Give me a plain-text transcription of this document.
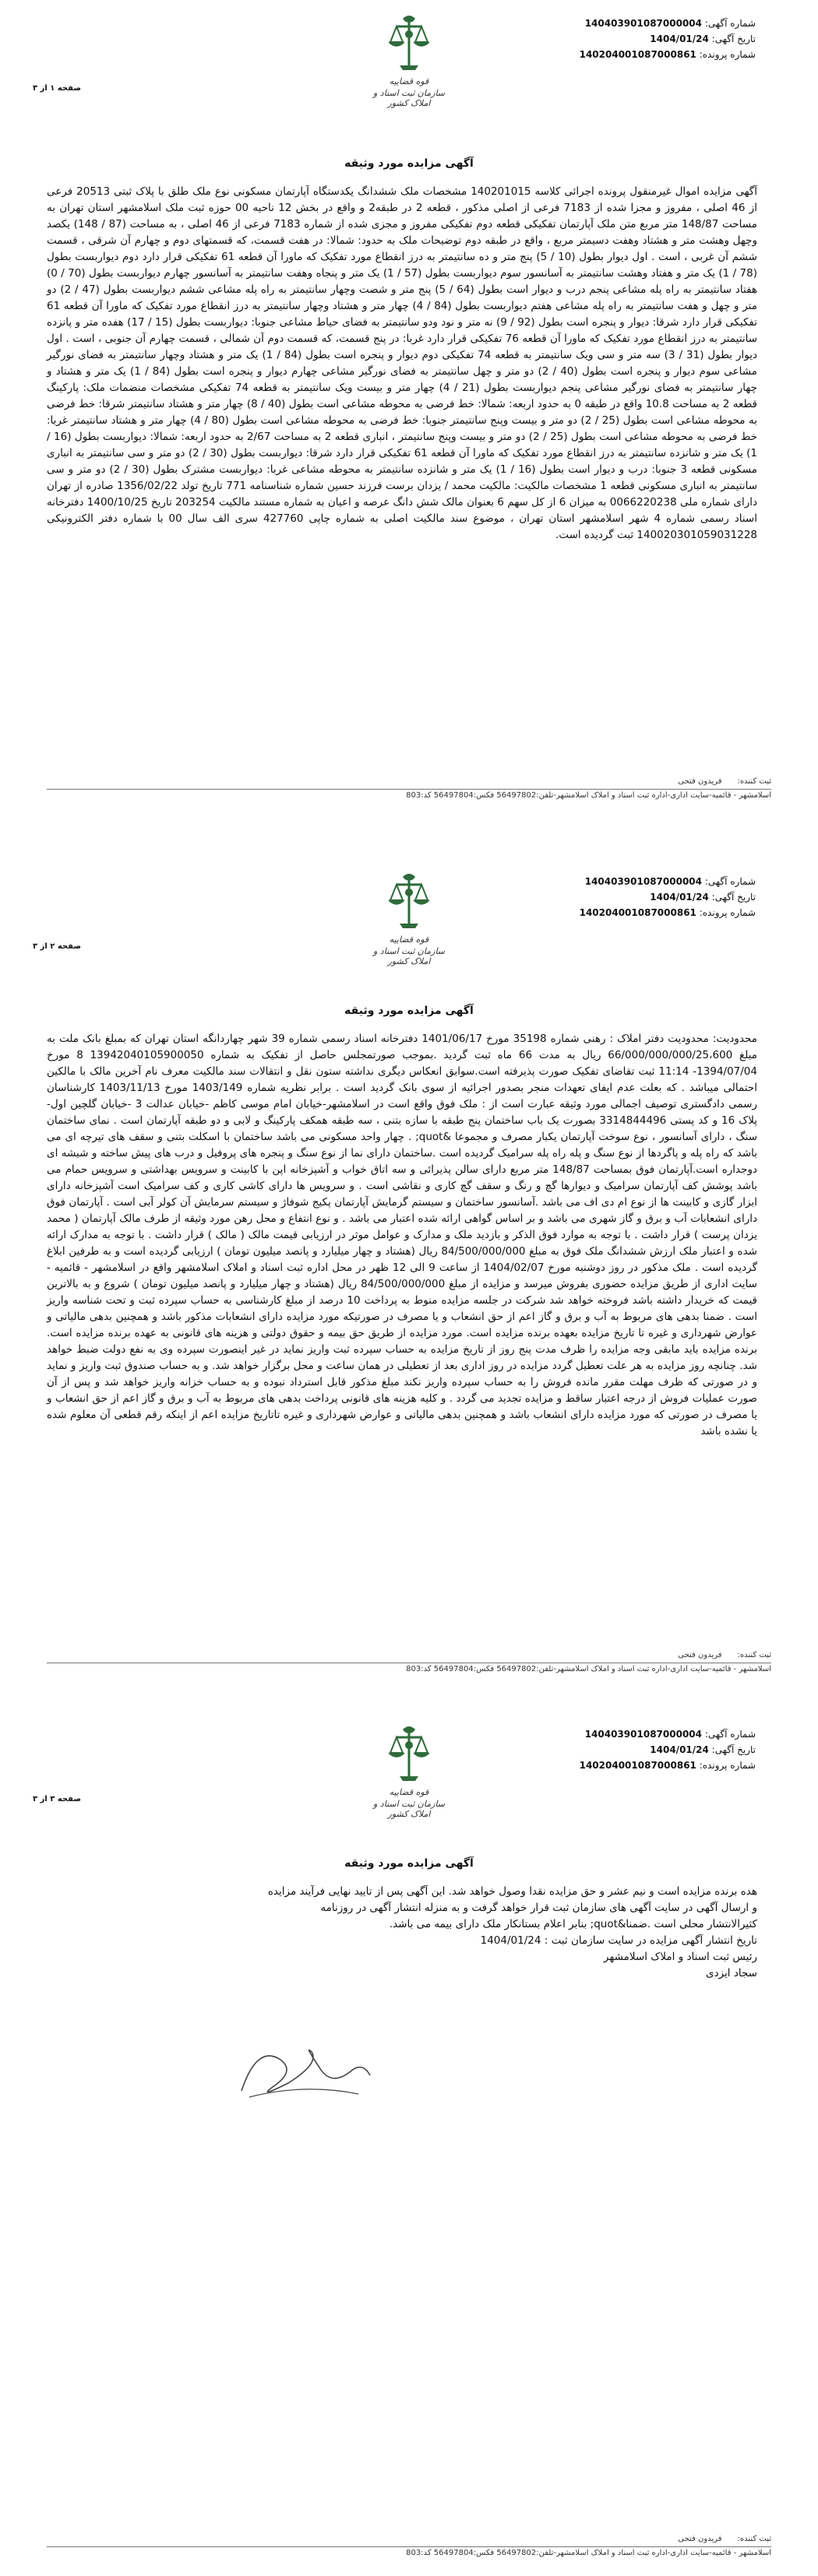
قوه قضاییه
سازمان ثبت اسناد و املاک کشور
شماره آگهی: 140403901087000004
تاریخ آگهی: 1404/01/24
شماره پرونده: 140204001087000861
صفحه ۱ از ۳
آگهی مزایده مورد وثیقه
آگهی مزایده اموال غیرمنقول پرونده اجرائی کلاسه 140201015 مشخصات ملک ششدانگ یکدستگاه آپارتمان مسکونی نوع ملک طلق با پلاک ثبتی 20513 فرعی از 46 اصلی ، مفروز و مجزا شده از 7183 فرعی از اصلی مذکور ، قطعه 2 در طبقه2 و واقع در بخش 12 ناحیه 00 حوزه ثبت ملک اسلامشهر استان تهران به مساحت 148/87 متر مربع متن ملک آپارتمان تفکیکی قطعه دوم تفکیکی مفروز و مجزی شده از شماره 7183 فرعی از 46 اصلی ، به مساحت (87 / 148) یکصد وچهل وهشت متر و هشتاد وهفت دسیمتر مربع ، واقع در طبقه دوم توضیحات ملک به حدود: شمالا: در هفت قسمت، که قسمتهای دوم و چهارم آن شرقی ، قسمت ششم آن غربی ، است . اول دیوار بطول (10 / 5) پنج متر و ده سانتیمتر به درز انقطاع مورد تفکیک که ماورا آن قطعه 61 تفکیکی قرار دارد دوم دیواربست بطول (78 / 1) یک متر و هفتاد وهشت سانتیمتر به آسانسور سوم دیواربست بطول (57 / 1) یک متر و پنجاه وهفت سانتیمتر به آسانسور چهارم دیواربست بطول (70 / 0) هفتاد سانتیمتر به راه پله مشاعی پنجم درب و دیوار است بطول (64 / 5) پنج متر و شصت وچهار سانتیمتر به راه پله مشاعی ششم دیواربست بطول (47 / 2) دو متر و چهل و هفت سانتیمتر به راه پله مشاعی هفتم دیواربست بطول (84 / 4) چهار متر و هشتاد وچهار سانتیمتر به درز انقطاع مورد تفکیک که ماورا آن قطعه 61 تفکیکی قرار دارد شرقا: دیوار و پنجره است بطول (92 / 9) نه متر و نود ودو سانتیمتر به فضای حیاط مشاعی جنوبا: دیواربست بطول (15 / 17) هفده متر و پانزده سانتیمتر به درز انقطاع مورد تفکیک که ماورا آن قطعه 76 تفکیکی قرار دارد غربا: در پنج قسمت، که قسمت دوم آن شمالی ، قسمت چهارم آن جنوبی ، است . اول دیوار بطول (31 / 3) سه متر و سی ویک سانتیمتر به قطعه 74 تفکیکی دوم دیوار و پنجره است بطول (84 / 1) یک متر و هشتاد وچهار سانتیمتر به فضای نورگیر مشاعی سوم دیوار و پنجره است بطول (40 / 2) دو متر و چهل سانتیمتر به فضای نورگیر مشاعی چهارم دیوار و پنجره است بطول (84 / 1) یک متر و هشتاد و چهار سانتیمتر به فضای نورگیر مشاعی پنجم دیواربست بطول (21 / 4) چهار متر و بیست ویک سانتیمتر به قطعه 74 تفکیکی مشخصات منضمات ملک: پارکینگ قطعه 2 به مساحت 10.8 واقع در طبقه 0 به حدود اربعه: شمالا: خط فرضی به محوطه مشاعی است بطول (40 / 8) چهار متر و هشتاد سانتیمتر شرقا: خط فرضی به محوطه مشاعی است بطول (25 / 2) دو متر و بیست وپنج سانتیمتر جنوبا: خط فرضی به محوطه مشاعی است بطول (80 / 4) چهار متر و هشتاد سانتیمتر غربا: خط فرضی به محوطه مشاعی است بطول (25 / 2) دو متر و بیست وپنج سانتیمتر ، انباری قطعه 2 به مساحت 2/67 به حدود اربعه: شمالا: دیواربست بطول (16 / 1) یک متر و شانزده سانتیمتر به درز انقطاع مورد تفکیک که ماورا آن قطعه 61 تفکیکی قرار دارد شرقا: دیواربست بطول (30 / 2) دو متر و سی سانتیمتر به انباری مسکونی قطعه 3 جنوبا: درب و دیوار است بطول (16 / 1) یک متر و شانزده سانتیمتر به محوطه مشاعی غربا: دیواربست مشترک بطول (30 / 2) دو متر و سی سانتیمتر به انباری مسکونی قطعه 1 مشخصات مالکیت: مالکیت محمد / یزدان برست فرزند حسین شماره شناسنامه 771 تاریخ تولد 1356/02/22 صادره از تهران دارای شماره ملی 0066220238 به میزان 6 از کل سهم 6 بعنوان مالک شش دانگ عرصه و اعیان به شماره مستند مالکیت 203254 تاریخ 1400/10/25 دفترخانه اسناد رسمی شماره 4 شهر اسلامشهر استان تهران ، موضوع سند مالکیت اصلی به شماره چاپی 427760 سری الف سال 00 با شماره دفتر الکترونیکی 140020301059031228 ثبت گردیده است.
ثبت کننده:فریدون فتحی
اسلامشهر - قائمیه-سایت اداری-اداره ثبت اسناد و املاک اسلامشهر-تلفن:56497802 فکس:56497804 کد:803
قوه قضاییه
سازمان ثبت اسناد و املاک کشور
شماره آگهی: 140403901087000004
تاریخ آگهی: 1404/01/24
شماره پرونده: 140204001087000861
صفحه ۲ از ۳
آگهی مزایده مورد وثیقه
محدودیت: محدودیت دفتر املاک : رهنی شماره 35198 مورخ 1401/06/17 دفترخانه اسناد رسمی شماره 39 شهر چهاردانگه استان تهران که بمبلغ بانک ملت به مبلغ 66/000/000/000/25،600 ریال به مدت 66 ماه ثبت گردید .بموجب صورتمجلس حاصل از تفکیک به شماره 13942040105900050 8 مورخ 1394/07/04- 11:14 ثبت تقاضای تفکیک صورت پذیرفته است.سوابق انعکاس دیگری نداشته ستون نقل و انتقالات سند مالکیت معرف نام آخرین مالک با مالکین احتمالی میباشد . که بعلت عدم ایفای تعهدات منجر بصدور اجرائیه از سوی بانک گردید است . برابر نظریه شماره 1403/149 مورخ 1403/11/13 کارشناسان رسمی دادگستری توصیف اجمالی مورد وثیقه عبارت است از : ملک فوق واقع است در اسلامشهر-خیابان امام موسی کاظم -خیابان عدالت 3 -خیابان گلچین اول-پلاک 16 و کد پستی 3314844496 بصورت یک باب ساختمان پنج طبقه با سازه بتنی ، سه طبقه همکف پارکینگ و لابی و دو طبقه آپارتمان است . نمای ساختمان سنگ ، دارای آسانسور ، نوع سوخت آپارتمان یکبار مصرف و مجموعا &quot; . چهار واحد مسکونی می باشد ساختمان با اسکلت بتنی و سقف های تیرچه ای می باشد که راه پله و پاگردها از نوع سنگ و پله راه پله سرامیک گردیده است .ساختمان دارای نما از نوع سنگ و پنجره های پروفیل و درب های پیش ساخته و شیشه ای دوجداره است.آپارتمان فوق بمساحت 148/87 متر مربع دارای سالن پذیرائی و سه اتاق خواب و آشپزخانه اپن با کابینت و سرویس بهداشتی و سرویس حمام می باشد پوشش کف آپارتمان سرامیک و دیوارها گچ و رنگ و سقف گچ کاری و نقاشی است . و سرویس ها دارای کاشی کاری و کف سرامیک است آشپزخانه دارای ابزار گازی و کابینت ها از نوع ام دی اف می باشد .آسانسور ساختمان و سیستم گرمایش آپارتمان پکیج شوفاژ و سیستم سرمایش آن کولر آبی است . آپارتمان فوق دارای انشعابات آب و برق و گاز شهری می باشد و بر اساس گواهی ارائه شده اعتبار می باشد . و نوع انتفاع و محل رهن مورد وثیقه از طرف مالک آپارتمان ( محمد یزدان پرست ) قرار داشت . با توجه به موارد فوق الذکر و بازدید ملک و مدارک و عوامل موثر در ارزیابی قیمت مالک ( مالک ) قرار داشت . با توجه به مدارک ارائه شده و اعتبار ملک ارزش ششدانگ ملک فوق به مبلغ 84/500/000/000 ریال (هشتاد و چهار میلیارد و پانصد میلیون تومان ) ارزیابی گردیده است و به طرفین ابلاغ گردیده است . ملک مذکور در روز دوشنبه مورخ 1404/02/07 از ساعت 9 الی 12 ظهر در محل اداره ثبت اسناد و املاک اسلامشهر واقع در اسلامشهر - قائمیه - سایت اداری از طریق مزایده حضوری بفروش میرسد و مزایده از مبلغ 84/500/000/000 ریال (هشتاد و چهار میلیارد و پانصد میلیون تومان ) شروع و به بالاترین قیمت که خریدار داشته باشد فروخته خواهد شد شرکت در جلسه مزایده منوط به پرداخت 10 درصد از مبلغ کارشناسی به حساب سپرده ثبت و تحت شناسه واریز است . ضمنا بدهی های مربوط به آب و برق و گاز اعم از حق انشعاب و یا مصرف در صورتیکه مورد مزایده دارای انشعابات مذکور باشد و همچنین بدهی مالیاتی و عوارض شهرداری و غیره تا تاریخ مزایده بعهده برنده مزایده است. مورد مزایده از طریق حق بیمه و حقوق دولتی و هزینه های قانونی به عهده برنده مزایده است. برنده مزایده باید مابقی وجه مزایده را ظرف مدت پنج روز از تاریخ مزایده به حساب سپرده ثبت واریز نماید در غیر اینصورت سپرده وی به نفع دولت ضبط خواهد شد. چنانچه روز مزایده به هر علت تعطیل گردد مزایده در روز اداری بعد از تعطیلی در همان ساعت و محل برگزار خواهد شد. و به حساب صندوق ثبت واریز و نماید و در صورتی که ظرف مهلت مقرر مانده فروش را به حساب سپرده واریز نکند مبلغ مذکور قابل استرداد نبوده و به حساب خزانه واریز خواهد شد و پس از آن صورت عملیات فروش از درجه اعتبار ساقط و مزایده تجدید می گردد . و کلیه هزینه های قانونی پرداخت بدهی های مربوط به آب و برق و گاز اعم از حق انشعاب و یا مصرف در صورتی که مورد مزایده دارای انشعاب باشد و همچنین بدهی مالیاتی و عوارض شهرداری و غیره تاتاریخ مزایده اعم از اینکه رقم قطعی آن معلوم شده یا نشده باشد
ثبت کننده:فریدون فتحی
اسلامشهر - قائمیه-سایت اداری-اداره ثبت اسناد و املاک اسلامشهر-تلفن:56497802 فکس:56497804 کد:803
قوه قضاییه
سازمان ثبت اسناد و املاک کشور
شماره آگهی: 140403901087000004
تاریخ آگهی: 1404/01/24
شماره پرونده: 140204001087000861
صفحه ۳ از ۳
آگهی مزایده مورد وثیقه
هده برنده مزایده است و نیم عشر و حق مزایده نقدا وصول خواهد شد. این آگهی پس از تایید نهایی فرآیند مزایده
و ارسال آگهی در سایت آگهی های سازمان ثبت قرار خواهد گرفت و به منزله انتشار آگهی در روزنامه
کثیرالانتشار محلی است .ضمنا&quot; بنابر اعلام بستانکار ملک دارای بیمه می باشد.
تاریخ انتشار آگهی مزایده در سایت سازمان ثبت : 1404/01/24
رئیس ثبت اسناد و املاک اسلامشهر
سجاد ایزدی
ثبت کننده:فریدون فتحی
اسلامشهر - قائمیه-سایت اداری-اداره ثبت اسناد و املاک اسلامشهر-تلفن:56497802 فکس:56497804 کد:803
